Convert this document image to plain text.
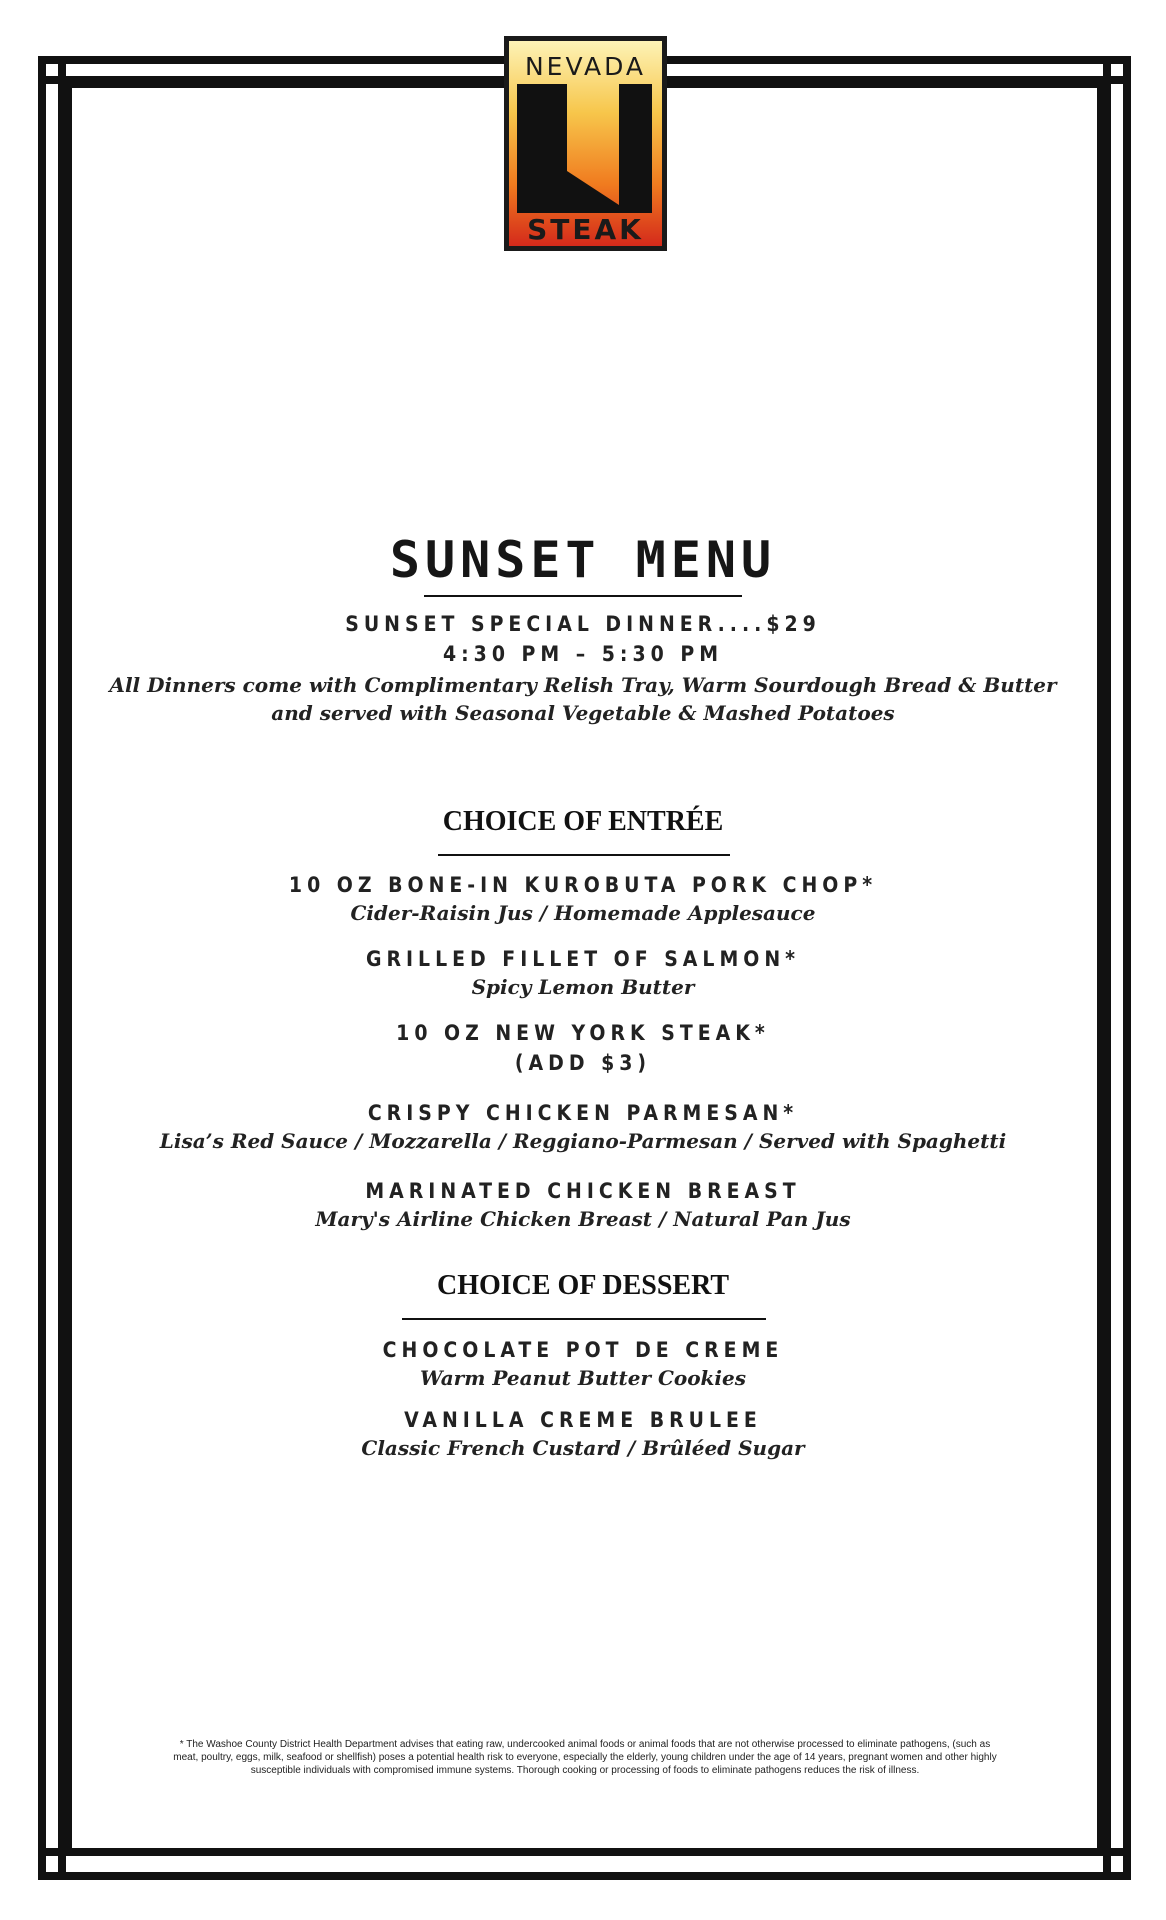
NEVADA
STEAK
SUNSET MENU
SUNSET SPECIAL DINNER....$29
4:30 PM – 5:30 PM
All Dinners come with Complimentary Relish Tray, Warm Sourdough Bread & Butter
and served with Seasonal Vegetable & Mashed Potatoes
CHOICE OF ENTRÉE
10 OZ BONE-IN KUROBUTA PORK CHOP*
Cider-Raisin Jus / Homemade Applesauce
GRILLED FILLET OF SALMON*
Spicy Lemon Butter
10 OZ NEW YORK STEAK*
(ADD $3)
CRISPY CHICKEN PARMESAN*
Lisa’s Red Sauce / Mozzarella / Reggiano-Parmesan / Served with Spaghetti
MARINATED CHICKEN BREAST
Mary's Airline Chicken Breast / Natural Pan Jus
CHOICE OF DESSERT
CHOCOLATE POT DE CREME
Warm Peanut Butter Cookies
VANILLA CREME BRULEE
Classic French Custard / Brûléed Sugar
* The Washoe County District Health Department advises that eating raw, undercooked animal foods or animal foods that are not otherwise processed to eliminate pathogens, (such as meat, poultry, eggs, milk, seafood or shellfish) poses a potential health risk to everyone, especially the elderly, young children under the age of 14 years, pregnant women and other highly susceptible individuals with compromised immune systems. Thorough cooking or processing of foods to eliminate pathogens reduces the risk of illness.
